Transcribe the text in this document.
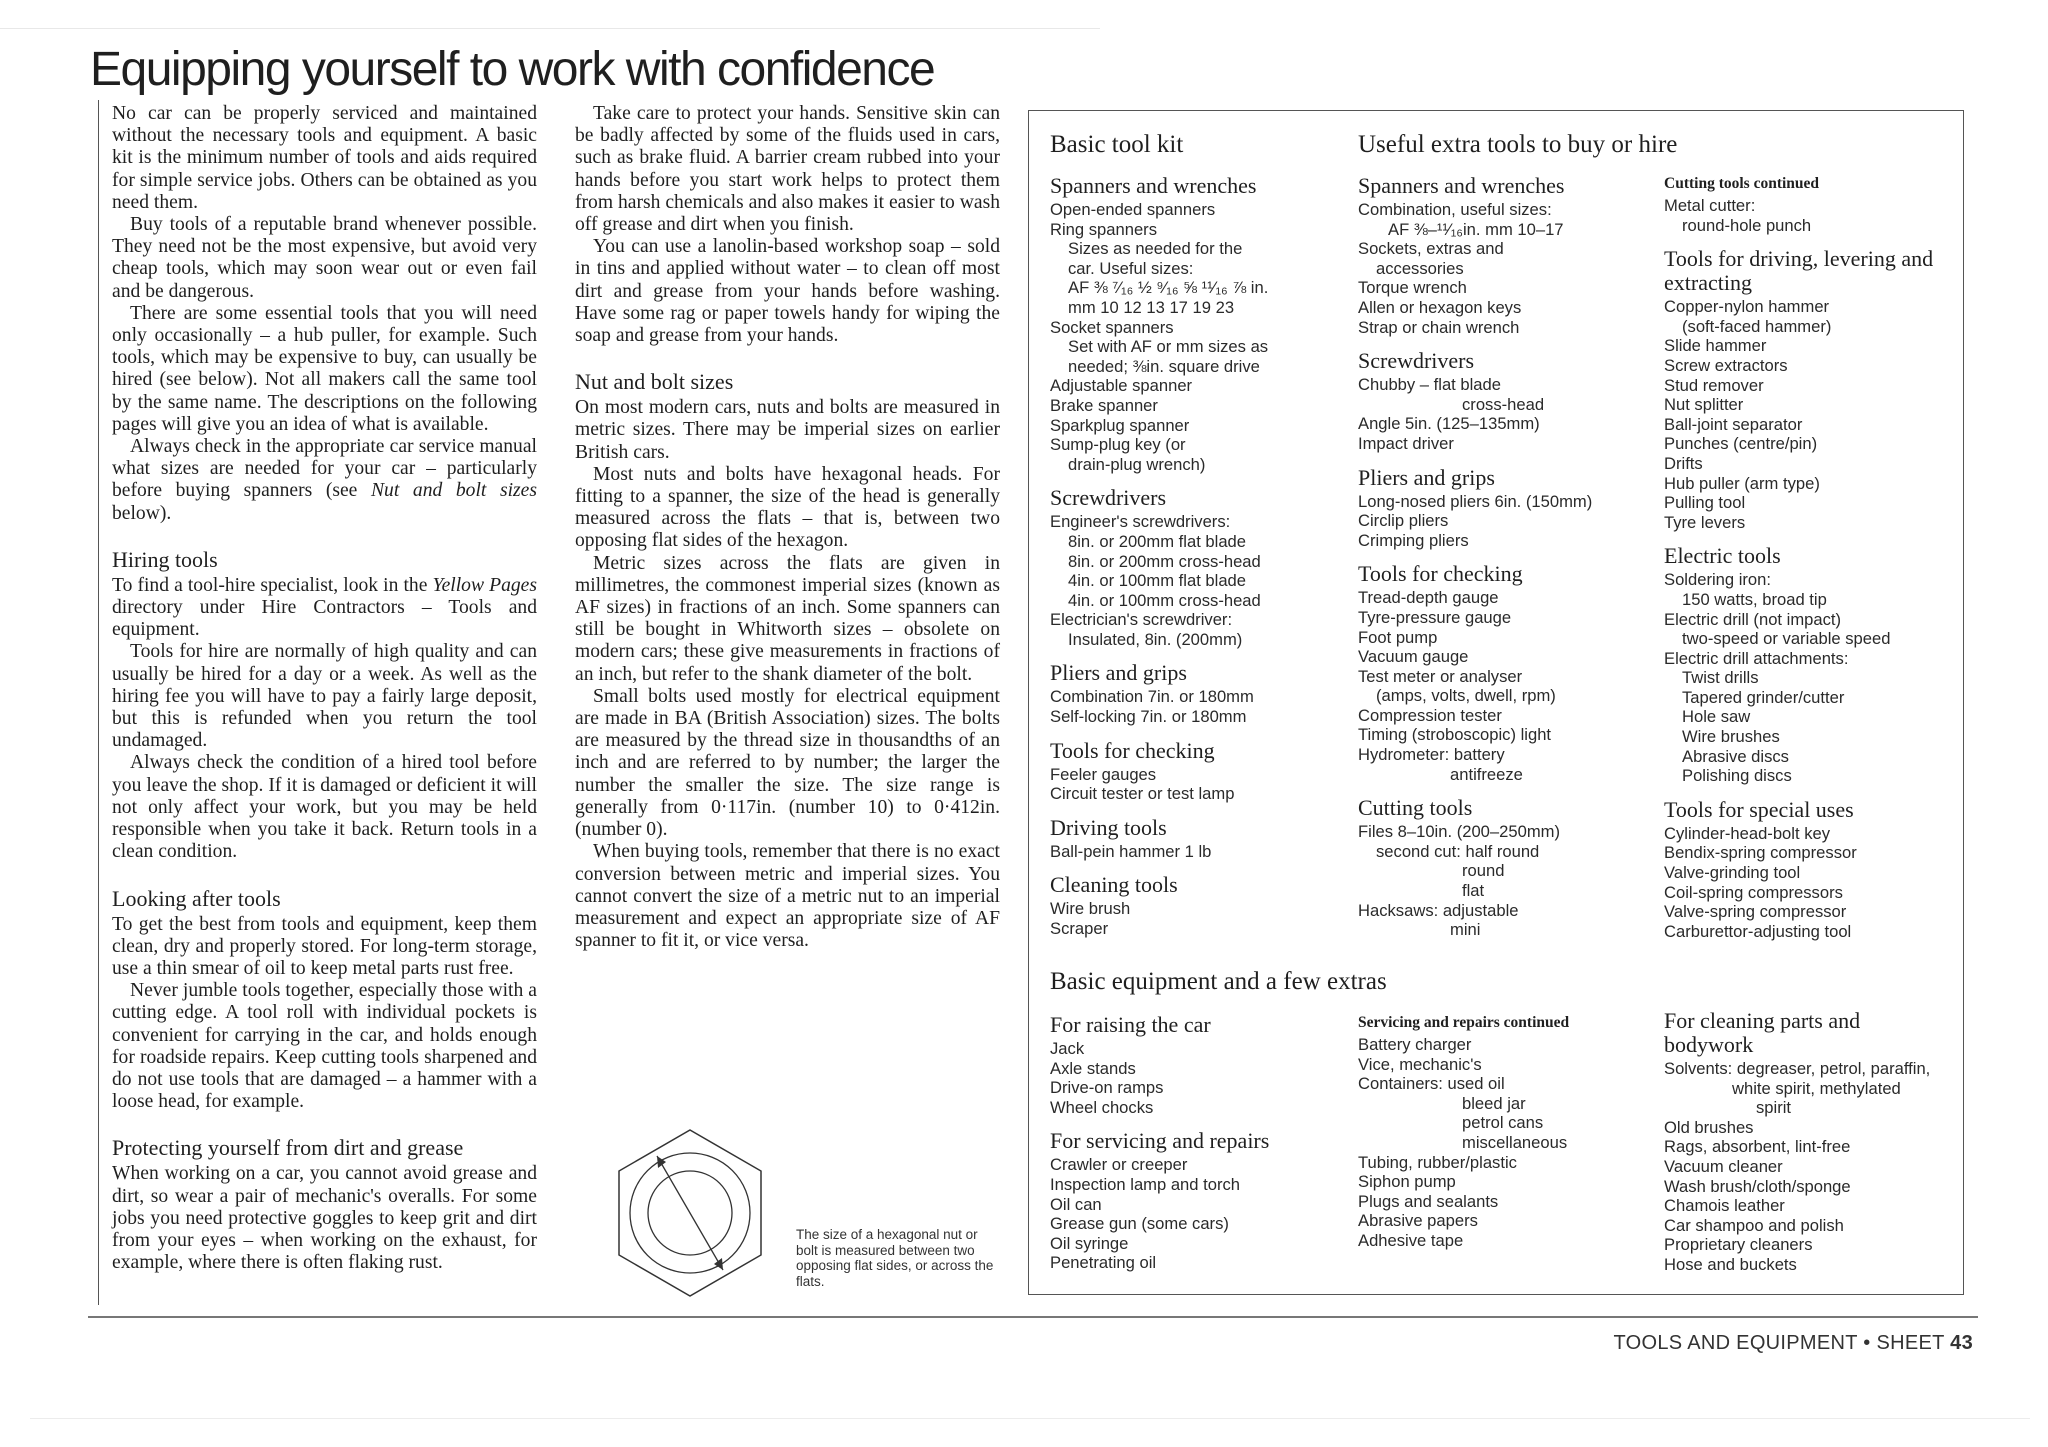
Equipping yourself to work with confidence

No car can be properly serviced and maintained without the necessary tools and equipment. A basic kit is the minimum number of tools and aids required for simple service jobs. Others can be obtained as you need them.

Buy tools of a reputable brand whenever possible. They need not be the most expensive, but avoid very cheap tools, which may soon wear out or even fail and be dangerous.

There are some essential tools that you will need only occasionally – a hub puller, for example. Such tools, which may be expensive to buy, can usually be hired (see below). Not all makers call the same tool by the same name. The descriptions on the following pages will give you an idea of what is available.

Always check in the appropriate car service manual what sizes are needed for your car – particularly before buying spanners (see Nut and bolt sizes below).

Hiring tools

To find a tool-hire specialist, look in the Yellow Pages directory under Hire Contractors – Tools and equipment.

Tools for hire are normally of high quality and can usually be hired for a day or a week. As well as the hiring fee you will have to pay a fairly large deposit, but this is refunded when you return the tool undamaged.

Always check the condition of a hired tool before you leave the shop. If it is damaged or deficient it will not only affect your work, but you may be held responsible when you take it back. Return tools in a clean condition.

Looking after tools

To get the best from tools and equipment, keep them clean, dry and properly stored. For long-term storage, use a thin smear of oil to keep metal parts rust free.

Never jumble tools together, especially those with a cutting edge. A tool roll with individual pockets is convenient for carrying in the car, and holds enough for roadside repairs. Keep cutting tools sharpened and do not use tools that are damaged – a hammer with a loose head, for example.

Protecting yourself from dirt and grease

When working on a car, you cannot avoid grease and dirt, so wear a pair of mechanic's overalls. For some jobs you need protective goggles to keep grit and dirt from your eyes – when working on the exhaust, for example, where there is often flaking rust.

Take care to protect your hands. Sensitive skin can be badly affected by some of the fluids used in cars, such as brake fluid. A barrier cream rubbed into your hands before you start work helps to protect them from harsh chemicals and also makes it easier to wash off grease and dirt when you finish.

You can use a lanolin-based workshop soap – sold in tins and applied without water – to clean off most dirt and grease from your hands before washing. Have some rag or paper towels handy for wiping the soap and grease from your hands.

Nut and bolt sizes

On most modern cars, nuts and bolts are measured in metric sizes. There may be imperial sizes on earlier British cars.

Most nuts and bolts have hexagonal heads. For fitting to a spanner, the size of the head is generally measured across the flats – that is, between two opposing flat sides of the hexagon.

Metric sizes across the flats are given in millimetres, the commonest imperial sizes (known as AF sizes) in fractions of an inch. Some spanners can still be bought in Whitworth sizes – obsolete on modern cars; these give measurements in fractions of an inch, but refer to the shank diameter of the bolt.

Small bolts used mostly for electrical equipment are made in BA (British Association) sizes. The bolts are measured by the thread size in thousandths of an inch and are referred to by number; the larger the number the smaller the size. The size range is generally from 0·117in. (number 10) to 0·412in. (number 0).

When buying tools, remember that there is no exact conversion between metric and imperial sizes. You cannot convert the size of a metric nut to an imperial measurement and expect an appropriate size of AF spanner to fit it, or vice versa.

The size of a hexagonal nut or bolt is measured between two opposing flat sides, or across the flats.
Basic tool kit	Useful extra tools to buy or hire
Basic equipment and a few extras
Spanners and wrenches
Open-ended spanners
Ring spanners
Sizes as needed for the
car. Useful sizes:
AF ⅜ ⁷⁄₁₆ ½ ⁹⁄₁₆ ⅝ ¹¹⁄₁₆ ⅞ in.
mm 10 12 13 17 19 23
Socket spanners
Set with AF or mm sizes as
needed; ⅜in. square drive
Adjustable spanner
Brake spanner
Sparkplug spanner
Sump-plug key (or
drain-plug wrench)
Screwdrivers
Engineer's screwdrivers:
8in. or 200mm flat blade
8in. or 200mm cross-head
4in. or 100mm flat blade
4in. or 100mm cross-head
Electrician's screwdriver:
Insulated, 8in. (200mm)
Pliers and grips
Combination 7in. or 180mm
Self-locking 7in. or 180mm
Tools for checking
Feeler gauges
Circuit tester or test lamp
Driving tools
Ball-pein hammer 1 lb
Cleaning tools
Wire brush
Scraper
Spanners and wrenches
Combination, useful sizes:
AF ⅜–¹¹⁄₁₆in. mm 10–17
Sockets, extras and
accessories
Torque wrench
Allen or hexagon keys
Strap or chain wrench
Screwdrivers
Chubby – flat blade
cross-head
Angle 5in. (125–135mm)
Impact driver
Pliers and grips
Long-nosed pliers 6in. (150mm)
Circlip pliers
Crimping pliers
Tools for checking
Tread-depth gauge
Tyre-pressure gauge
Foot pump
Vacuum gauge
Test meter or analyser
(amps, volts, dwell, rpm)
Compression tester
Timing (stroboscopic) light
Hydrometer: battery
antifreeze
Cutting tools
Files 8–10in. (200–250mm)
second cut: half round
round
flat
Hacksaws: adjustable
mini
Cutting tools continued
Metal cutter:
round-hole punch
Tools for driving, levering and extracting
Copper-nylon hammer
(soft-faced hammer)
Slide hammer
Screw extractors
Stud remover
Nut splitter
Ball-joint separator
Punches (centre/pin)
Drifts
Hub puller (arm type)
Pulling tool
Tyre levers
Electric tools
Soldering iron:
150 watts, broad tip
Electric drill (not impact)
two-speed or variable speed
Electric drill attachments:
Twist drills
Tapered grinder/cutter
Hole saw
Wire brushes
Abrasive discs
Polishing discs
Tools for special uses
Cylinder-head-bolt key
Bendix-spring compressor
Valve-grinding tool
Coil-spring compressors
Valve-spring compressor
Carburettor-adjusting tool
For raising the car
Jack
Axle stands
Drive-on ramps
Wheel chocks
For servicing and repairs
Crawler or creeper
Inspection lamp and torch
Oil can
Grease gun (some cars)
Oil syringe
Penetrating oil
Servicing and repairs continued
Battery charger
Vice, mechanic's
Containers: used oil
bleed jar
petrol cans
miscellaneous
Tubing, rubber/plastic
Siphon pump
Plugs and sealants
Abrasive papers
Adhesive tape
For cleaning parts and bodywork
Solvents: degreaser, petrol, paraffin,
white spirit, methylated
spirit
Old brushes
Rags, absorbent, lint-free
Vacuum cleaner
Wash brush/cloth/sponge
Chamois leather
Car shampoo and polish
Proprietary cleaners
Hose and buckets
TOOLS AND EQUIPMENT • SHEET 43
